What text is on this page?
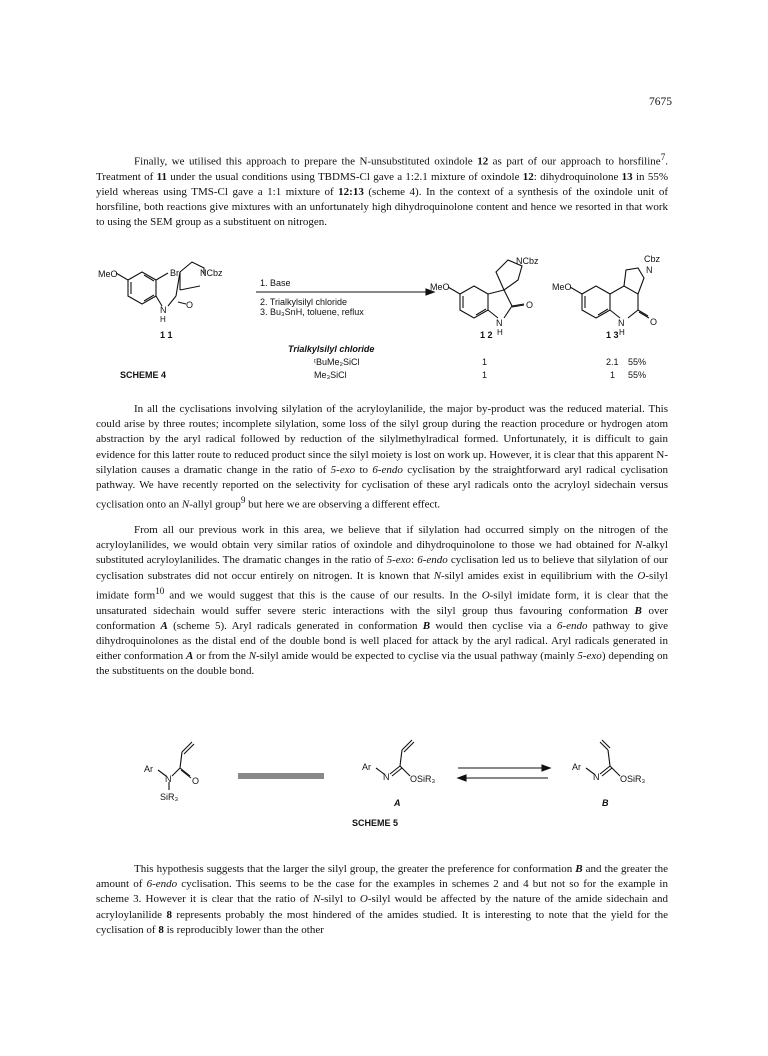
7675

Finally, we utilised this approach to prepare the N-unsubstituted oxindole 12 as part of our approach to horsfiline$^7$. Treatment of 11 under the usual conditions using TBDMS-Cl gave a 1:2.1 mixture of oxindole 12: dihydroquinolone 13 in 55% yield whereas using TMS-Cl gave a 1:1 mixture of 12:13 (scheme 4). In the context of a synthesis of the oxindole unit of horsfiline, both reactions give mixtures with an unfortunately high dihydroquinolone content and hence we resorted in that work to using the SEM group as a substituent on nitrogen.

MeO	Br NCbz
N
H
O
1. Base
2. Trialkylsilyl chloride
3. Bu₃SnH, toluene, reflux
MeO
NCbz
O
N
H
MeO
Cbz
N
N
H
O
1 1	1 2	1 3
Trialkylsilyl chloride
ᵗBuMe₂SiCl	1	2.1 55%
Me₃SiCl	1	1 55%
SCHEME 4

In all the cyclisations involving silylation of the acryloylanilide, the major by-product was the reduced material. This could arise by three routes; incomplete silylation, some loss of the silyl group during the reaction procedure or hydrogen atom abstraction by the aryl radical followed by reduction of the silylmethylradical formed. Unfortunately, it is difficult to gain evidence for this latter route to reduced product since the silyl moiety is lost on work up. However, it is clear that this apparent N-silylation causes a dramatic change in the ratio of 5-exo to 6-endo cyclisation by the straightforward aryl radical cyclisation pathway. We have recently reported on the selectivity for cyclisation of these aryl radicals onto the acryloyl sidechain versus cyclisation onto an N-allyl group$^9$ but here we are observing a different effect.

From all our previous work in this area, we believe that if silylation had occurred simply on the nitrogen of the acryloylanilides, we would obtain very similar ratios of oxindole and dihydroquinolone to those we had obtained for N-alkyl substituted acryloylanilides. The dramatic changes in the ratio of 5-exo: 6-endo cyclisation led us to believe that silylation of our cyclisation substrates did not occur entirely on nitrogen. It is known that N-silyl amides exist in equilibrium with the O-silyl imidate form$^{10}$ and we would suggest that this is the cause of our results. In the O-silyl imidate form, it is clear that the unsaturated sidechain would suffer severe steric interactions with the silyl group thus favouring conformation B over conformation A (scheme 5). Aryl radicals generated in conformation B would then cyclise via a 6-endo pathway to give dihydroquinolones as the distal end of the double bond is well placed for attack by the aryl radical. Aryl radicals generated in either conformation A or from the N-silyl amide would be expected to cyclise via the usual pathway (mainly 5-exo) depending on the substituents on the double bond.

Ar
N O
SiR₃
Ar
N OSiR₃
A
Ar
N OSiR₃
B
SCHEME 5

This hypothesis suggests that the larger the silyl group, the greater the preference for conformation B and the greater the amount of 6-endo cyclisation. This seems to be the case for the examples in schemes 2 and 4 but not so for the example in scheme 3. However it is clear that the ratio of N-silyl to O-silyl would be affected by the nature of the amide sidechain and acryloylanilide 8 represents probably the most hindered of the amides studied. It is interesting to note that the yield for the cyclisation of 8 is reproducibly lower than the other
